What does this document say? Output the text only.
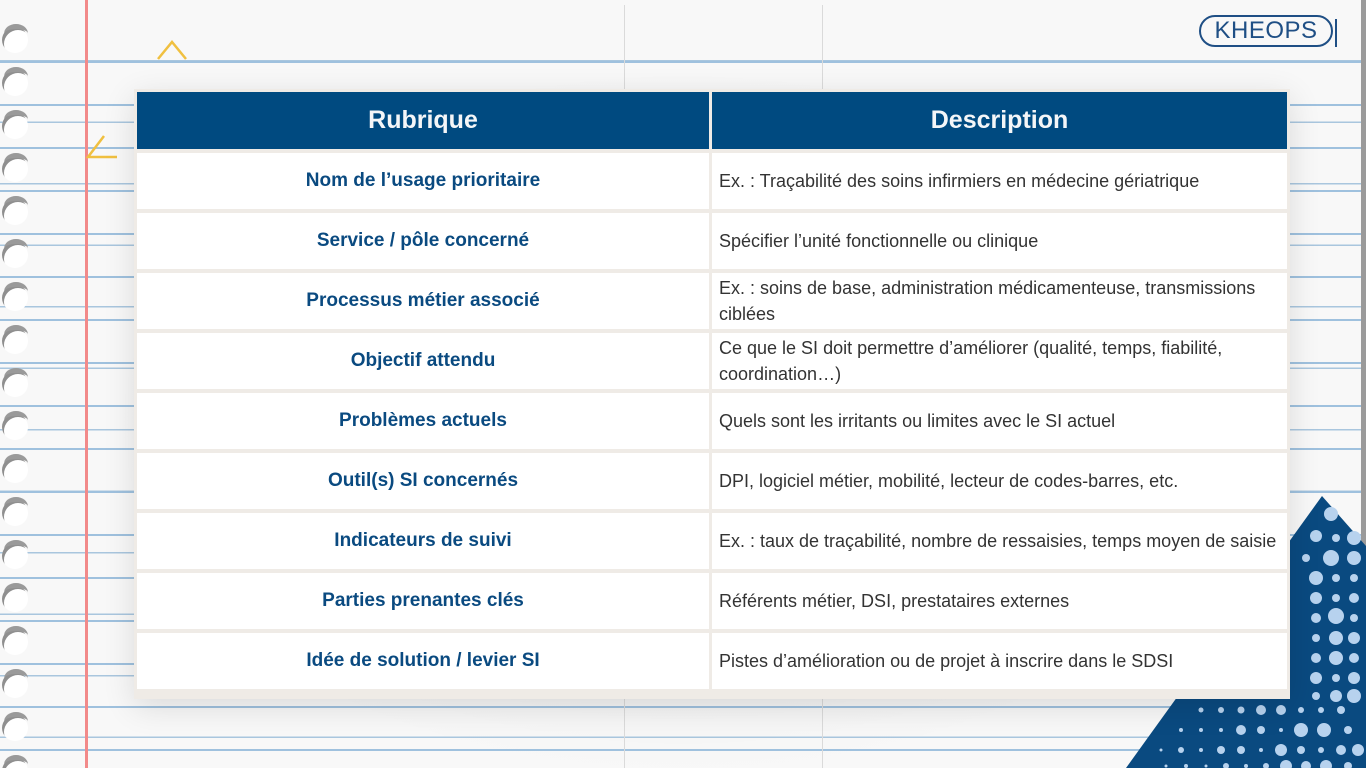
KHEOPS
Rubrique	Description
Nom de l’usage prioritaire	Ex. : Traçabilité des soins infirmiers en médecine gériatrique
Service / pôle concerné	Spécifier l’unité fonctionnelle ou clinique
Processus métier associé	Ex. : soins de base, administration médicamenteuse, transmissions ciblées
Objectif attendu	Ce que le SI doit permettre d’améliorer (qualité, temps, fiabilité, coordination…)
Problèmes actuels	Quels sont les irritants ou limites avec le SI actuel
Outil(s) SI concernés	DPI, logiciel métier, mobilité, lecteur de codes-barres, etc.
Indicateurs de suivi	Ex. : taux de traçabilité, nombre de ressaisies, temps moyen de saisie
Parties prenantes clés	Référents métier, DSI, prestataires externes
Idée de solution / levier SI	Pistes d’amélioration ou de projet à inscrire dans le SDSI
